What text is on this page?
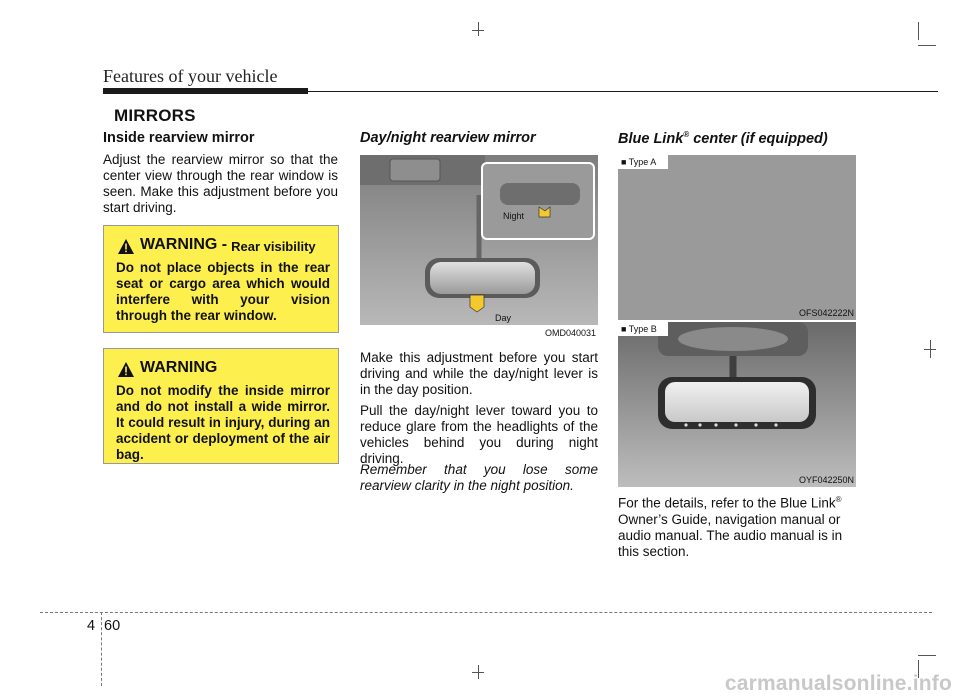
Features of your vehicle
MIRRORS
Inside rearview mirror
Adjust the rearview mirror so that the center view through the rear window is seen. Make this adjustment before you start driving.
WARNING - Rear visibility
Do not place objects in the rear seat or cargo area which would interfere with your vision through the rear window.
WARNING
Do not modify the inside mirror and do not install a wide mirror. It could result in injury, during an accident or deployment of the air bag.
Day/night rearview mirror
Night
Day
OMD040031
Make this adjustment before you start driving and while the day/night lever is in the day position.
Pull the day/night lever toward you to reduce glare from the headlights of the vehicles behind you during night driving.
Remember that you lose some rearview clarity in the night position.
Blue Link® center (if equipped)
■ Type A
OFS042222N
■ Type B
OYF042250N
For the details, refer to the Blue Link®
Owner’s Guide, navigation manual or audio manual. The audio manual is in this section.
4 60
carmanualsonline.info
